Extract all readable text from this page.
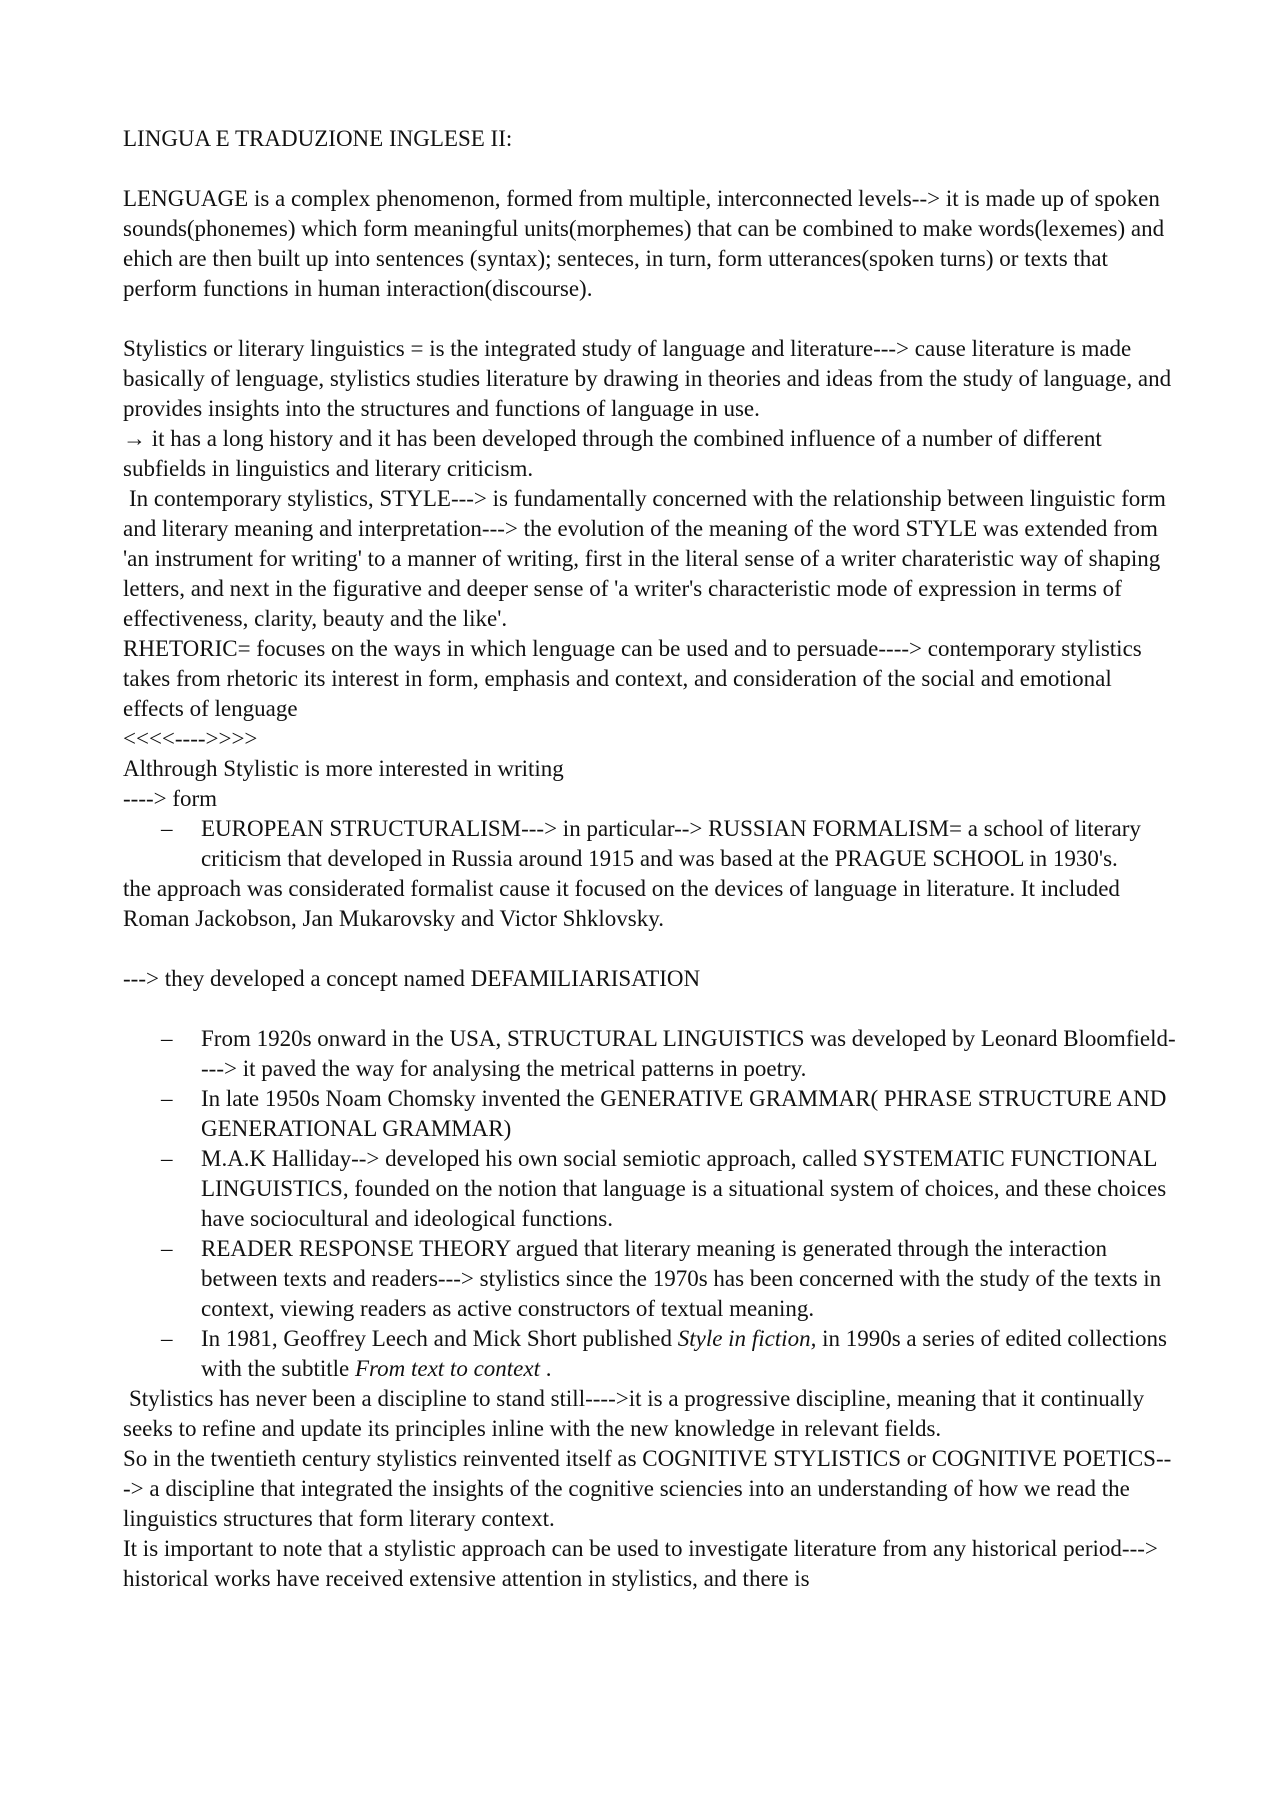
LINGUA E TRADUZIONE INGLESE II:

LENGUAGE is a complex phenomenon, formed from multiple, interconnected levels--> it is made up of spoken sounds(phonemes) which form meaningful units(morphemes) that can be combined to make words(lexemes) and ehich are then built up into sentences (syntax); senteces, in turn, form utterances(spoken turns) or texts that perform functions in human interaction(discourse).

Stylistics or literary linguistics = is the integrated study of language and literature---> cause literature is made basically of lenguage, stylistics studies literature by drawing in theories and ideas from the study of language, and provides insights into the structures and functions of language in use.

→ it has a long history and it has been developed through the combined influence of a number of different subfields in linguistics and literary criticism.

In contemporary stylistics, STYLE---> is fundamentally concerned with the relationship between linguistic form and literary meaning and interpretation---> the evolution of the meaning of the word STYLE was extended from 'an instrument for writing' to a manner of writing, first in the literal sense of a writer charateristic way of shaping letters, and next in the figurative and deeper sense of 'a writer's characteristic mode of expression in terms of effectiveness, clarity, beauty and the like'.

RHETORIC= focuses on the ways in which lenguage can be used and to persuade----> contemporary stylistics takes from rhetoric its interest in form, emphasis and context, and consideration of the social and emotional effects of lenguage

<<<<---->>>>

Althrough Stylistic is more interested in writing

----> form

– EUROPEAN STRUCTURALISM---> in particular--> RUSSIAN FORMALISM= a school of literary criticism that developed in Russia around 1915 and was based at the PRAGUE SCHOOL in 1930's.

the approach was considerated formalist cause it focused on the devices of language in literature. It included Roman Jackobson, Jan Mukarovsky and Victor Shklovsky.

---> they developed a concept named DEFAMILIARISATION

– From 1920s onward in the USA, STRUCTURAL LINGUISTICS was developed by Leonard Bloomfield----> it paved the way for analysing the metrical patterns in poetry.
– In late 1950s Noam Chomsky invented the GENERATIVE GRAMMAR( PHRASE STRUCTURE AND GENERATIONAL GRAMMAR)
– M.A.K Halliday--> developed his own social semiotic approach, called SYSTEMATIC FUNCTIONAL LINGUISTICS, founded on the notion that language is a situational system of choices, and these choices have sociocultural and ideological functions.
– READER RESPONSE THEORY argued that literary meaning is generated through the interaction between texts and readers---> stylistics since the 1970s has been concerned with the study of the texts in context, viewing readers as active constructors of textual meaning.
– In 1981, Geoffrey Leech and Mick Short published Style in fiction, in 1990s a series of edited collections with the subtitle From text to context .

Stylistics has never been a discipline to stand still---->it is a progressive discipline, meaning that it continually seeks to refine and update its principles inline with the new knowledge in relevant fields.

So in the twentieth century stylistics reinvented itself as COGNITIVE STYLISTICS or COGNITIVE POETICS---> a discipline that integrated the insights of the cognitive sciencies into an understanding of how we read the linguistics structures that form literary context.

It is important to note that a stylistic approach can be used to investigate literature from any historical period---> historical works have received extensive attention in stylistics, and there is
